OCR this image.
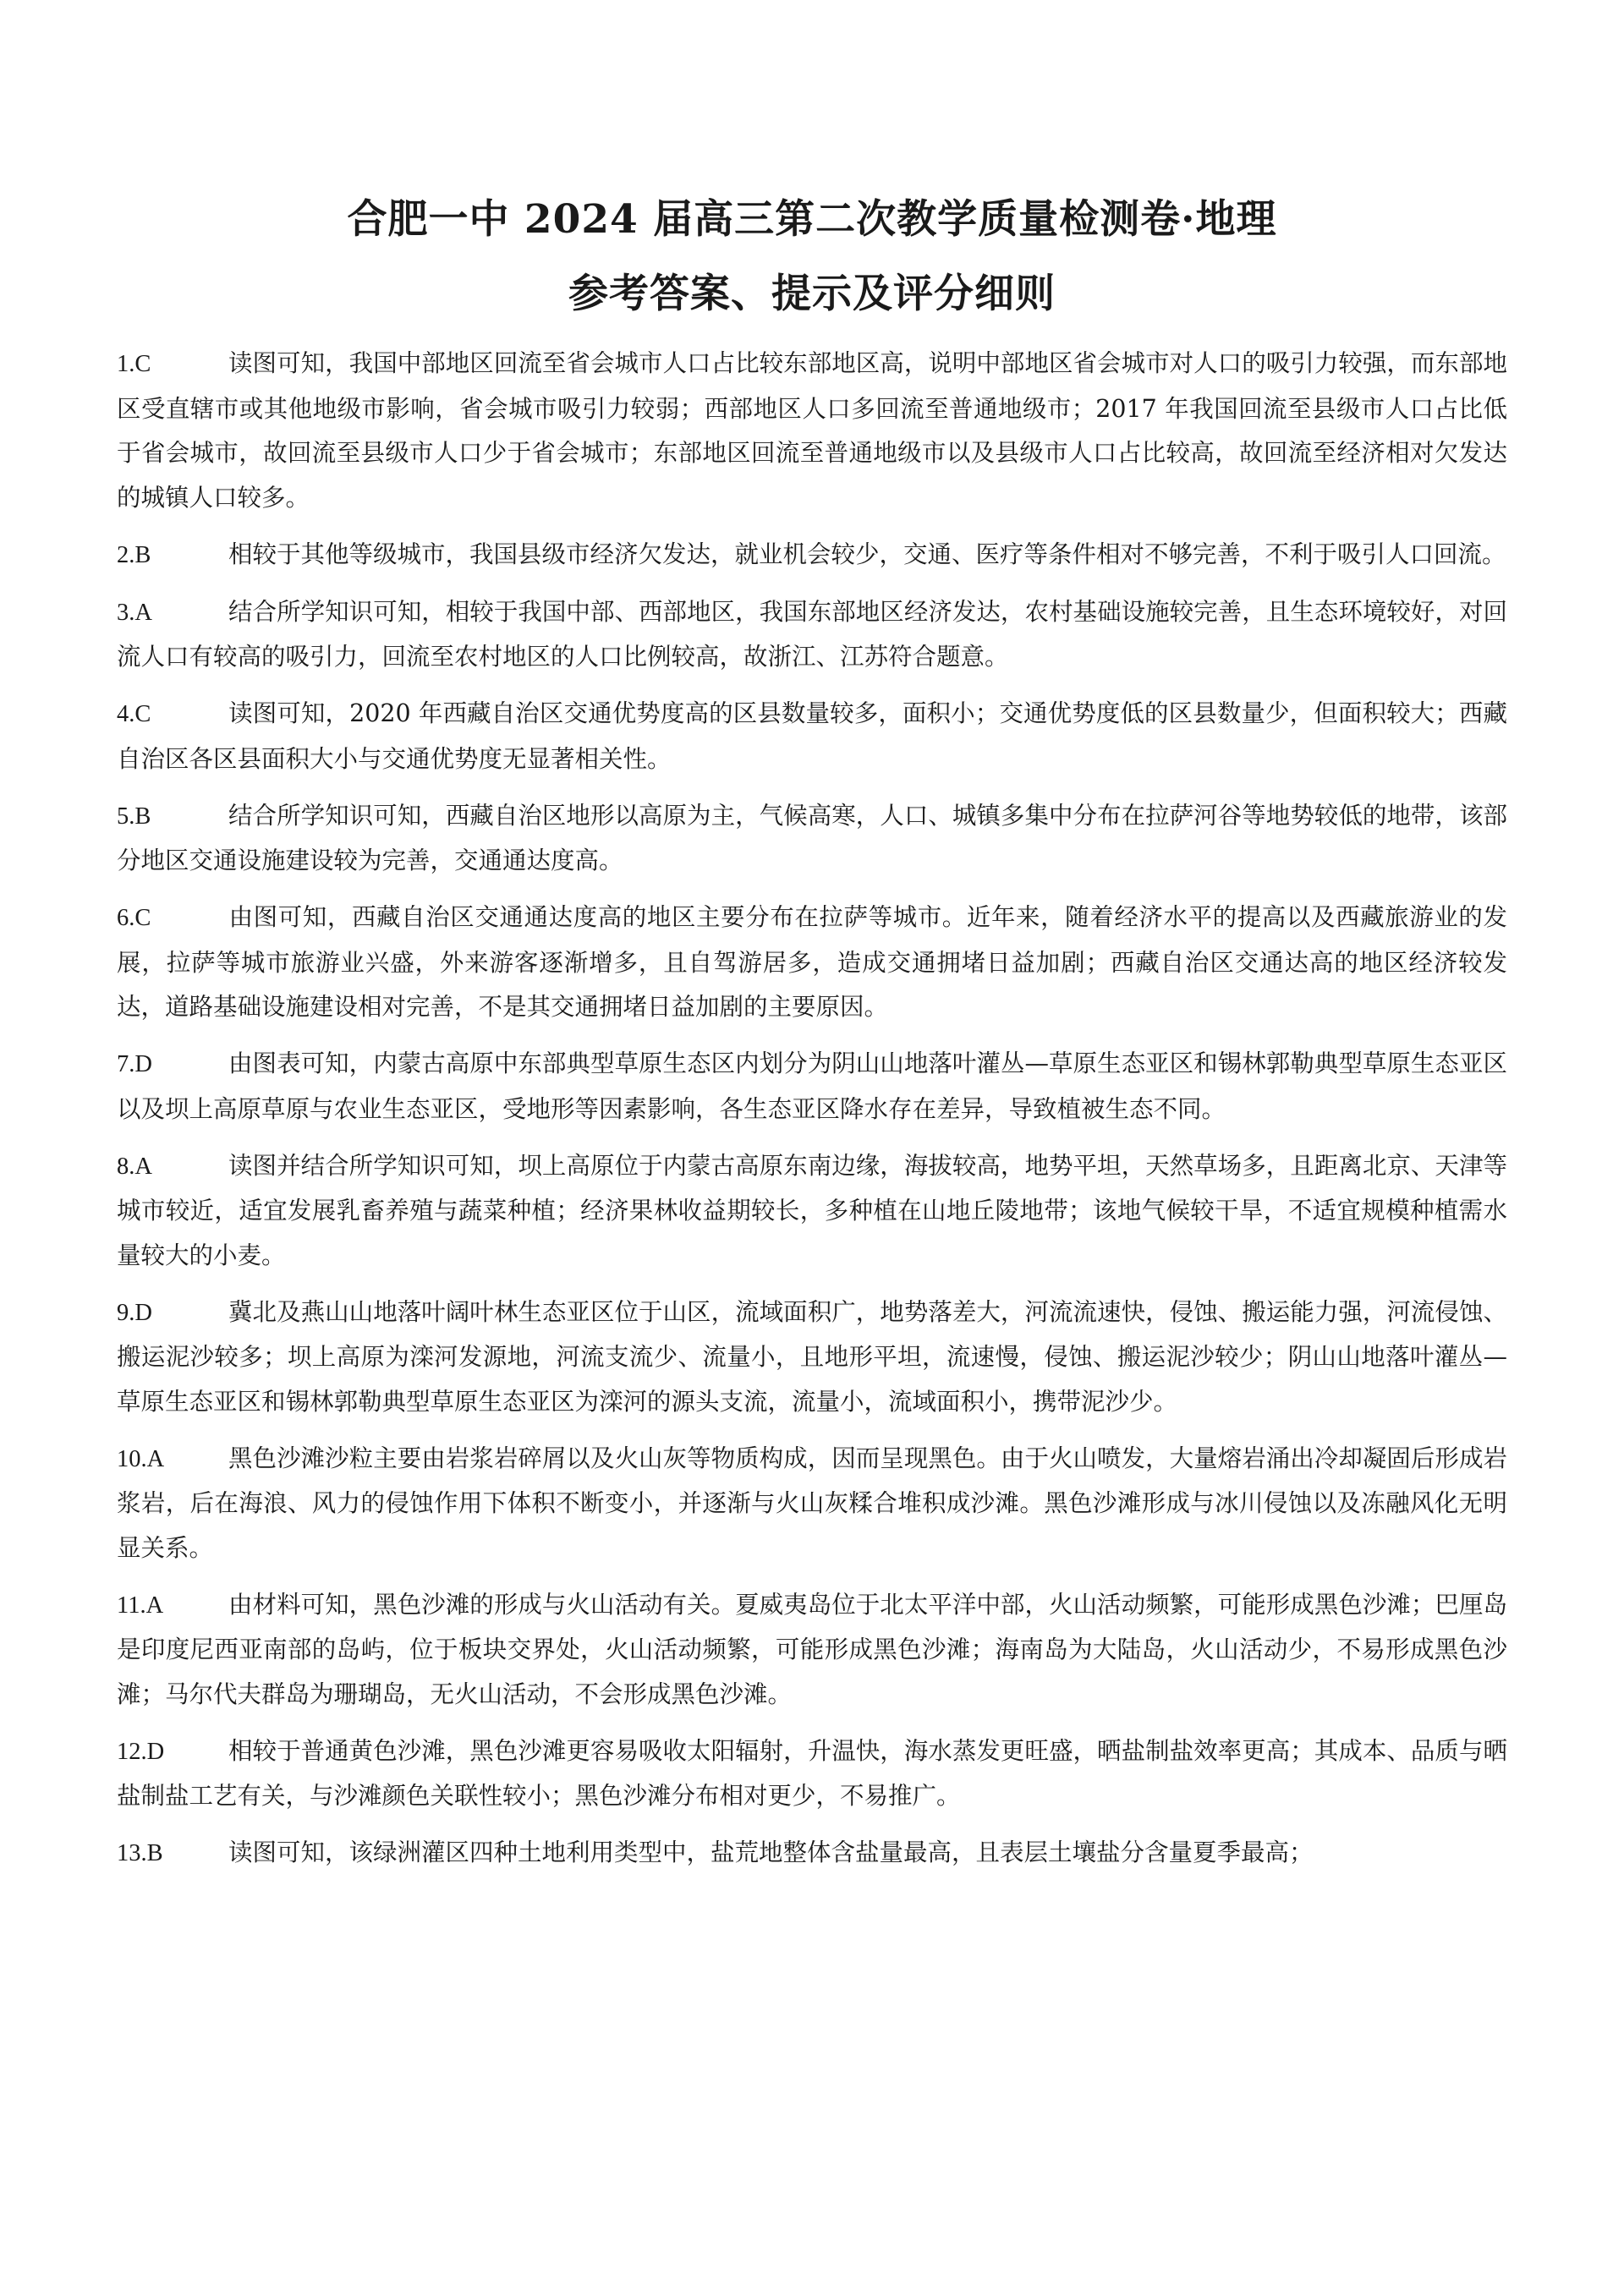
合肥一中 2024 届高三第二次教学质量检测卷·地理
参考答案、提示及评分细则

1.C	读图可知，我国中部地区回流至省会城市人口占比较东部地区高，说明中部地区省会城市对人口的吸引力较强，而东部地区受直辖市或其他地级市影响，省会城市吸引力较弱；西部地区人口多回流至普通地级市；2017 年我国回流至县级市人口占比低于省会城市，故回流至县级市人口少于省会城市；东部地区回流至普通地级市以及县级市人口占比较高，故回流至经济相对欠发达的城镇人口较多。

2.B	相较于其他等级城市，我国县级市经济欠发达，就业机会较少，交通、医疗等条件相对不够完善，不利于吸引人口回流。

3.A	结合所学知识可知，相较于我国中部、西部地区，我国东部地区经济发达，农村基础设施较完善，且生态环境较好，对回流人口有较高的吸引力，回流至农村地区的人口比例较高，故浙江、江苏符合题意。

4.C	读图可知，2020 年西藏自治区交通优势度高的区县数量较多，面积小；交通优势度低的区县数量少，但面积较大；西藏自治区各区县面积大小与交通优势度无显著相关性。

5.B	结合所学知识可知，西藏自治区地形以高原为主，气候高寒，人口、城镇多集中分布在拉萨河谷等地势较低的地带，该部分地区交通设施建设较为完善，交通通达度高。

6.C	由图可知，西藏自治区交通通达度高的地区主要分布在拉萨等城市。近年来，随着经济水平的提高以及西藏旅游业的发展，拉萨等城市旅游业兴盛，外来游客逐渐增多，且自驾游居多，造成交通拥堵日益加剧；西藏自治区交通达高的地区经济较发达，道路基础设施建设相对完善，不是其交通拥堵日益加剧的主要原因。

7.D	由图表可知，内蒙古高原中东部典型草原生态区内划分为阴山山地落叶灌丛—草原生态亚区和锡林郭勒典型草原生态亚区以及坝上高原草原与农业生态亚区，受地形等因素影响，各生态亚区降水存在差异，导致植被生态不同。

8.A	读图并结合所学知识可知，坝上高原位于内蒙古高原东南边缘，海拔较高，地势平坦，天然草场多，且距离北京、天津等城市较近，适宜发展乳畜养殖与蔬菜种植；经济果林收益期较长，多种植在山地丘陵地带；该地气候较干旱，不适宜规模种植需水量较大的小麦。

9.D	冀北及燕山山地落叶阔叶林生态亚区位于山区，流域面积广，地势落差大，河流流速快，侵蚀、搬运能力强，河流侵蚀、搬运泥沙较多；坝上高原为滦河发源地，河流支流少、流量小，且地形平坦，流速慢，侵蚀、搬运泥沙较少；阴山山地落叶灌丛—草原生态亚区和锡林郭勒典型草原生态亚区为滦河的源头支流，流量小，流域面积小，携带泥沙少。

10.A	黑色沙滩沙粒主要由岩浆岩碎屑以及火山灰等物质构成，因而呈现黑色。由于火山喷发，大量熔岩涌出冷却凝固后形成岩浆岩，后在海浪、风力的侵蚀作用下体积不断变小，并逐渐与火山灰糅合堆积成沙滩。黑色沙滩形成与冰川侵蚀以及冻融风化无明显关系。

11.A	由材料可知，黑色沙滩的形成与火山活动有关。夏威夷岛位于北太平洋中部，火山活动频繁，可能形成黑色沙滩；巴厘岛是印度尼西亚南部的岛屿，位于板块交界处，火山活动频繁，可能形成黑色沙滩；海南岛为大陆岛，火山活动少，不易形成黑色沙滩；马尔代夫群岛为珊瑚岛，无火山活动，不会形成黑色沙滩。

12.D	相较于普通黄色沙滩，黑色沙滩更容易吸收太阳辐射，升温快，海水蒸发更旺盛，晒盐制盐效率更高；其成本、品质与晒盐制盐工艺有关，与沙滩颜色关联性较小；黑色沙滩分布相对更少，不易推广。

13.B	读图可知，该绿洲灌区四种土地利用类型中，盐荒地整体含盐量最高，且表层土壤盐分含量夏季最高；
